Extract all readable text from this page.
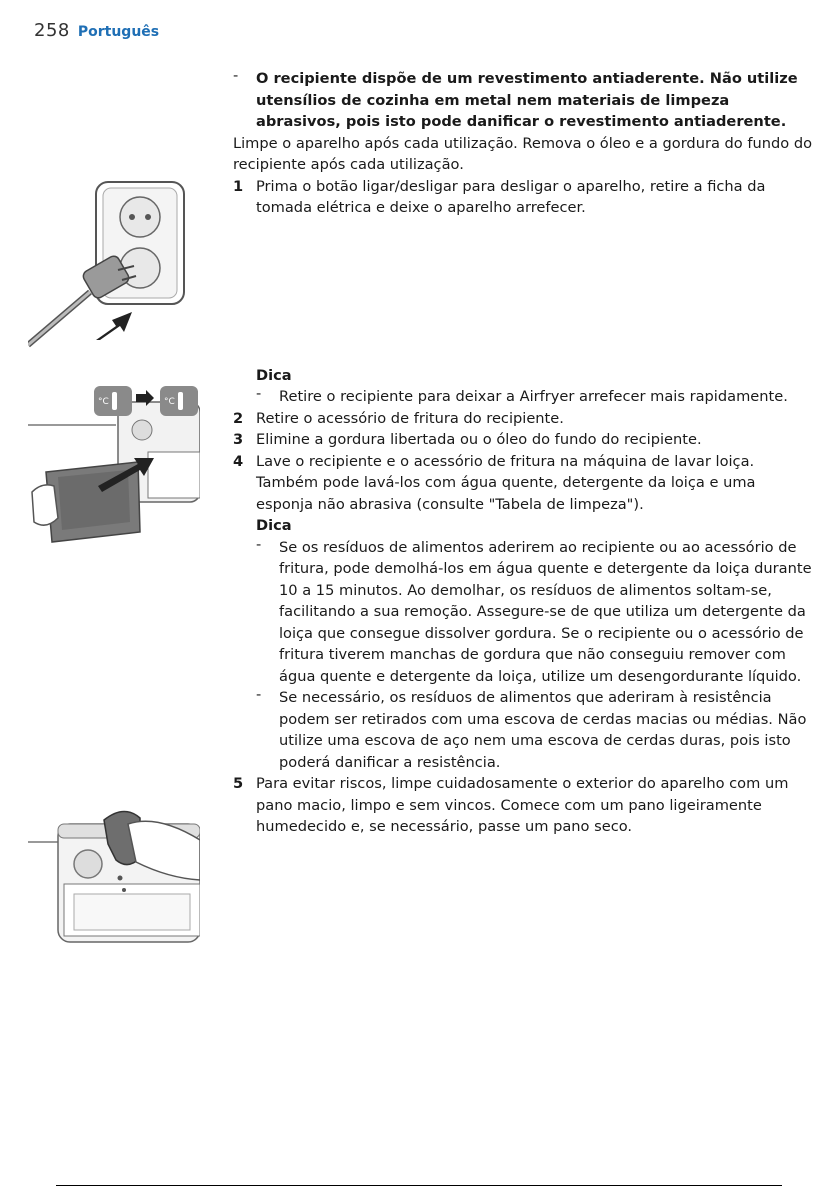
258 Português
°C	°C
- O recipiente dispõe de um revestimento antiaderente. Não utilize utensílios de cozinha em metal nem materiais de limpeza abrasivos, pois isto pode danificar o revestimento antiaderente.

Limpe o aparelho após cada utilização. Remova o óleo e a gordura do fundo do recipiente após cada utilização.

1 Prima o botão ligar/desligar para desligar o aparelho, retire a ficha da tomada elétrica e deixe o aparelho arrefecer.
Dica
- Retire o recipiente para deixar a Airfryer arrefecer mais rapidamente.
2 Retire o acessório de fritura do recipiente.
3 Elimine a gordura libertada ou o óleo do fundo do recipiente.
4 Lave o recipiente e o acessório de fritura na máquina de lavar loiça. Também pode lavá-los com água quente, detergente da loiça e uma esponja não abrasiva (consulte "Tabela de limpeza").
Dica
- Se os resíduos de alimentos aderirem ao recipiente ou ao acessório de fritura, pode demolhá-los em água quente e detergente da loiça durante 10 a 15 minutos. Ao demolhar, os resíduos de alimentos soltam-se, facilitando a sua remoção. Assegure-se de que utiliza um detergente da loiça que consegue dissolver gordura. Se o recipiente ou o acessório de fritura tiverem manchas de gordura que não conseguiu remover com água quente e detergente da loiça, utilize um desengordurante líquido.
- Se necessário, os resíduos de alimentos que aderiram à resistência podem ser retirados com uma escova de cerdas macias ou médias. Não utilize uma escova de aço nem uma escova de cerdas duras, pois isto poderá danificar a resistência.
5 Para evitar riscos, limpe cuidadosamente o exterior do aparelho com um pano macio, limpo e sem vincos. Comece com um pano ligeiramente humedecido e, se necessário, passe um pano seco.
